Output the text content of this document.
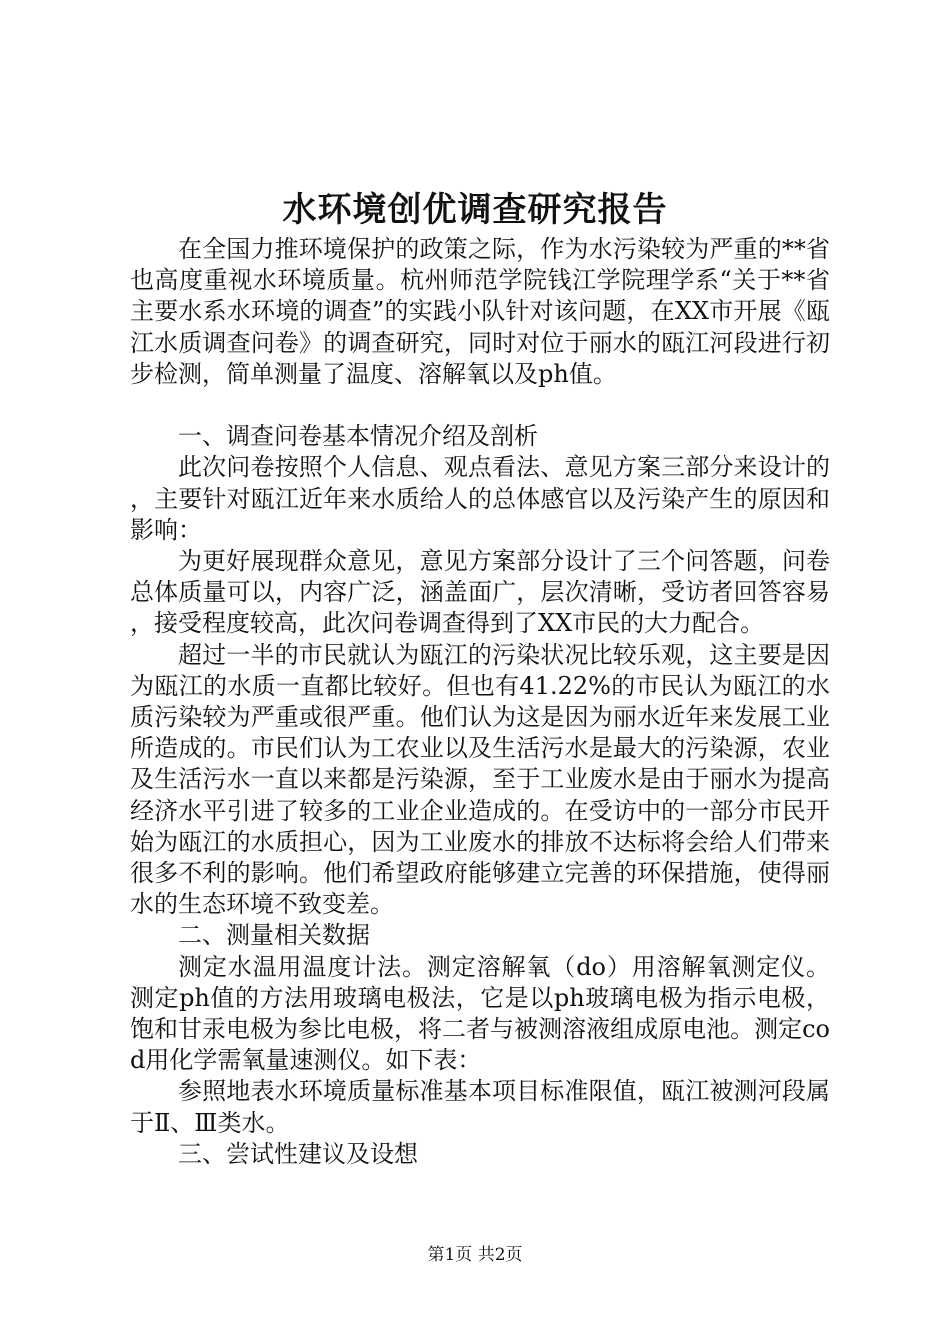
水环境创优调查研究报告

在全国力推环境保护的政策之际，作为水污染较为严重的**省也高度重视水环境质量。杭州师范学院钱江学院理学系“关于**省主要水系水环境的调查”的实践小队针对该问题，在XX市开展《瓯江水质调查问卷》的调查研究，同时对位于丽水的瓯江河段进行初步检测，简单测量了温度、溶解氧以及ph值。

一、调查问卷基本情况介绍及剖析

此次问卷按照个人信息、观点看法、意见方案三部分来设计的，主要针对瓯江近年来水质给人的总体感官以及污染产生的原因和影响：

为更好展现群众意见，意见方案部分设计了三个问答题，问卷总体质量可以，内容广泛，涵盖面广，层次清晰，受访者回答容易，接受程度较高，此次问卷调查得到了XX市民的大力配合。

超过一半的市民就认为瓯江的污染状况比较乐观，这主要是因为瓯江的水质一直都比较好。但也有41.22%的市民认为瓯江的水质污染较为严重或很严重。他们认为这是因为丽水近年来发展工业所造成的。市民们认为工农业以及生活污水是最大的污染源，农业及生活污水一直以来都是污染源，至于工业废水是由于丽水为提高经济水平引进了较多的工业企业造成的。在受访中的一部分市民开始为瓯江的水质担心，因为工业废水的排放不达标将会给人们带来很多不利的影响。他们希望政府能够建立完善的环保措施，使得丽水的生态环境不致变差。

二、测量相关数据

测定水温用温度计法。测定溶解氧（do）用溶解氧测定仪。测定ph值的方法用玻璃电极法，它是以ph玻璃电极为指示电极，饱和甘汞电极为参比电极，将二者与被测溶液组成原电池。测定cod用化学需氧量速测仪。如下表：

参照地表水环境质量标准基本项目标准限值，瓯江被测河段属于Ⅱ、Ⅲ类水。

三、尝试性建议及设想

第1页 共2页
